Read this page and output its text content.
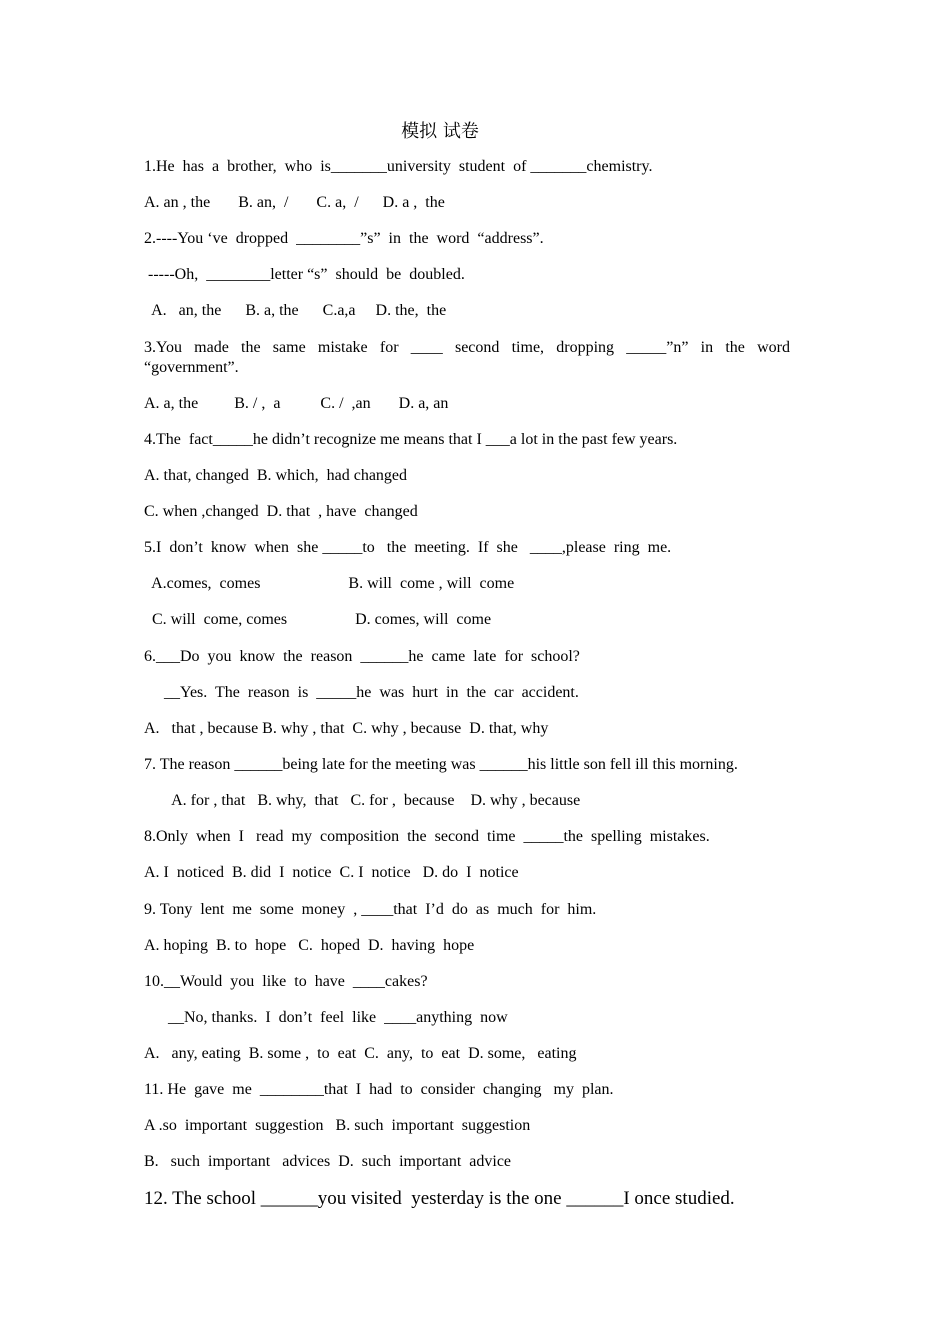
模拟 试卷
1.He  has  a  brother,  who  is_______university  student  of _______chemistry.
A. an , the       B. an,  /       C. a,  /      D. a ,  the
2.----You ‘ve  dropped  ________”s”  in  the  word  “address”.
-----Oh,  ________letter “s”  should  be  doubled.
A.   an, the      B. a, the      C.a,a     D. the,  the
3.You made the same mistake for ____ second time, dropping _____”n” in the word “government”.
A. a, the         B. / ,  a          C. /  ,an       D. a, an
4.The  fact_____he didn’t recognize me means that I ___a lot in the past few years.
A. that, changed  B. which,  had changed
C. when ,changed  D. that  , have  changed
5.I  don’t  know  when  she _____to   the  meeting.  If  she   ____,please  ring  me.
A.comes,  comes                      B. will  come , will  come
C. will  come, comes                 D. comes, will  come
6.___Do  you  know  the  reason  ______he  came  late  for  school?
__Yes.  The  reason  is  _____he  was  hurt  in  the  car  accident.
A.   that , because B. why , that  C. why , because  D. that, why
7. The reason ______being late for the meeting was ______his little son fell ill this morning.
A. for , that   B. why,  that   C. for ,  because    D. why , because
8.Only  when  I   read  my  composition  the  second  time  _____the  spelling  mistakes.
A. I  noticed  B. did  I  notice  C. I  notice   D. do  I  notice
9. Tony  lent  me  some  money  , ____that  I’d  do  as  much  for  him.
A. hoping  B. to  hope   C.  hoped  D.  having  hope
10.__Would  you  like  to  have  ____cakes?
__No, thanks.  I  don’t  feel  like  ____anything  now
A.   any, eating  B. some ,  to  eat  C.  any,  to  eat  D. some,   eating
11. He  gave  me  ________that  I  had  to  consider  changing   my  plan.
A .so  important  suggestion   B. such  important  suggestion
B.   such  important   advices  D.  such  important  advice
12. The school ______you visited  yesterday is the one ______I once studied.
